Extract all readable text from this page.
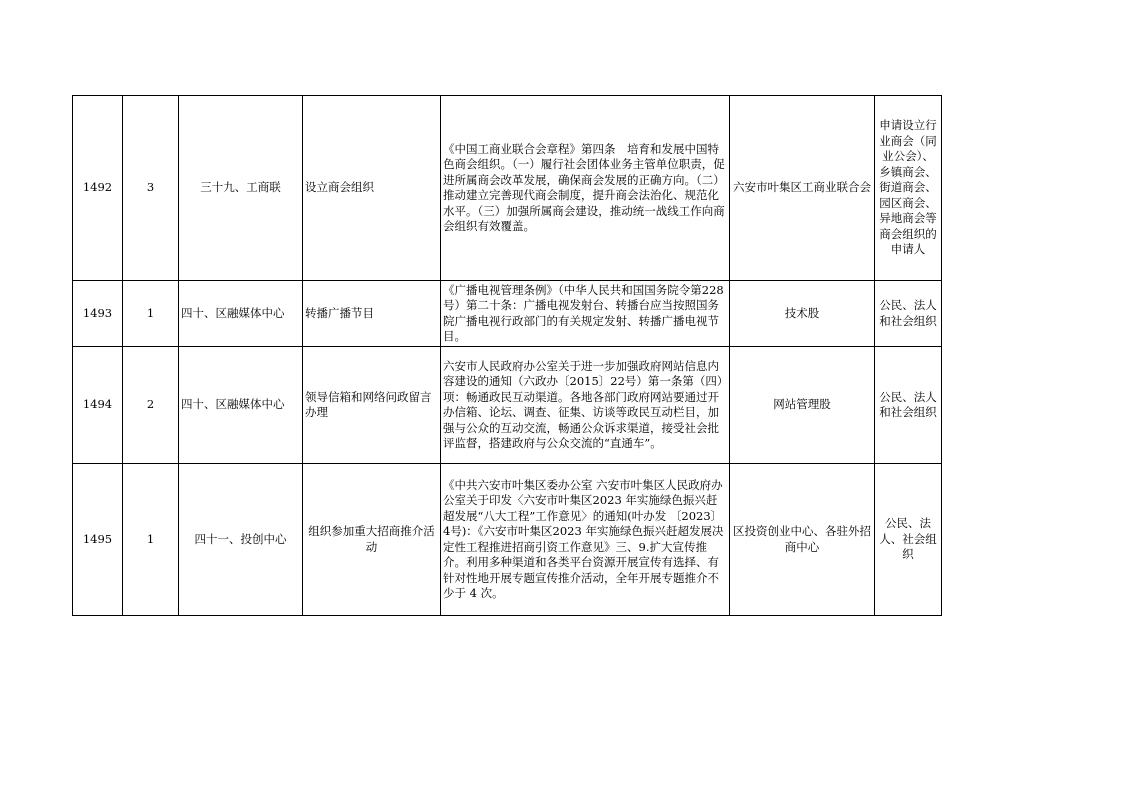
1492	3	三十九、工商联	设立商会组织	《中国工商业联合会章程》第四条　培育和发展中国特色商会组织。（一）履行社会团体业务主管单位职责，促进所属商会改革发展，确保商会发展的正确方向。（二）推动建立完善现代商会制度，提升商会法治化、规范化水平。（三）加强所属商会建设，推动统一战线工作向商会组织有效覆盖。	六安市叶集区工商业联合会	申请设立行业商会（同业公会）、乡镇商会、街道商会、园区商会、异地商会等商会组织的申请人
1493	1	四十、区融媒体中心	转播广播节目	《广播电视管理条例》（中华人民共和国国务院令第228号）第二十条：广播电视发射台、转播台应当按照国务院广播电视行政部门的有关规定发射、转播广播电视节目。	技术股	公民、法人和社会组织
1494	2	四十、区融媒体中心	领导信箱和网络问政留言办理	六安市人民政府办公室关于进一步加强政府网站信息内容建设的通知（六政办〔2015〕22号）第一条第（四）项：畅通政民互动渠道。各地各部门政府网站要通过开办信箱、论坛、调查、征集、访谈等政民互动栏目，加强与公众的互动交流，畅通公众诉求渠道，接受社会批评监督，搭建政府与公众交流的“直通车”。	网站管理股	公民、法人和社会组织
1495	1	四十一、投创中心	组织参加重大招商推介活动	《中共六安市叶集区委办公室 六安市叶集区人民政府办公室关于印发〈六安市叶集区2023 年实施绿色振兴赶超发展“八大工程”工作意见〉的通知(叶办发 〔2023〕4号)：《六安市叶集区2023 年实施绿色振兴赶超发展决定性工程推进招商引资工作意见》三、9.扩大宣传推介。利用多种渠道和各类平台资源开展宣传有选择、有针对性地开展专题宣传推介活动，全年开展专题推介不少于 4 次。	区投资创业中心、各驻外招商中心	公民、法人、社会组织
